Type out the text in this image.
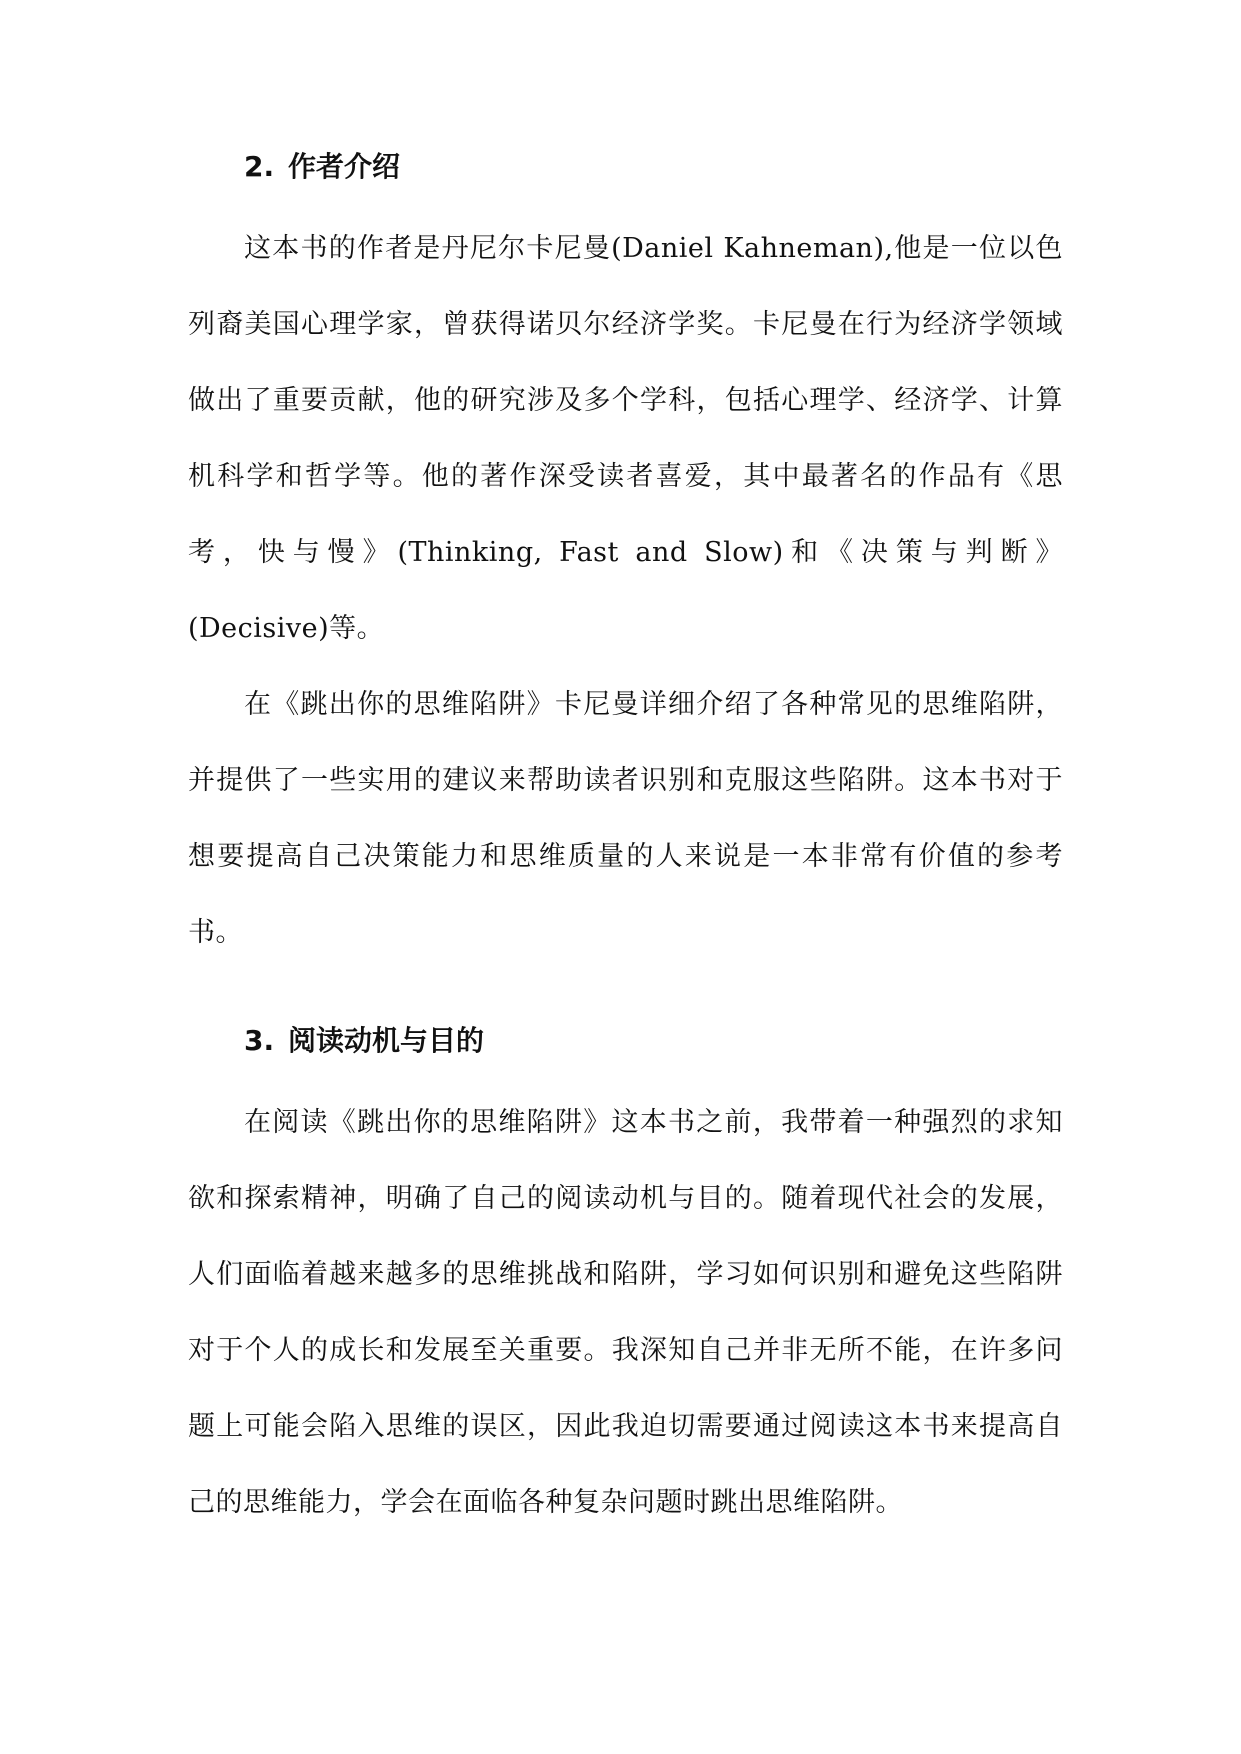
2. 作者介绍

这本书的作者是丹尼尔卡尼曼(Daniel Kahneman),他是一位以色列裔美国心理学家，曾获得诺贝尔经济学奖。卡尼曼在行为经济学领域做出了重要贡献，他的研究涉及多个学科，包括心理学、经济学、计算机科学和哲学等。他的著作深受读者喜爱，其中最著名的作品有《思考，快与慢》(Thinking, Fast and Slow)和《决策与判断》(Decisive)等。

在《跳出你的思维陷阱》卡尼曼详细介绍了各种常见的思维陷阱，并提供了一些实用的建议来帮助读者识别和克服这些陷阱。这本书对于想要提高自己决策能力和思维质量的人来说是一本非常有价值的参考书。

3. 阅读动机与目的

在阅读《跳出你的思维陷阱》这本书之前，我带着一种强烈的求知欲和探索精神，明确了自己的阅读动机与目的。随着现代社会的发展，人们面临着越来越多的思维挑战和陷阱，学习如何识别和避免这些陷阱对于个人的成长和发展至关重要。我深知自己并非无所不能，在许多问题上可能会陷入思维的误区，因此我迫切需要通过阅读这本书来提高自己的思维能力，学会在面临各种复杂问题时跳出思维陷阱。
